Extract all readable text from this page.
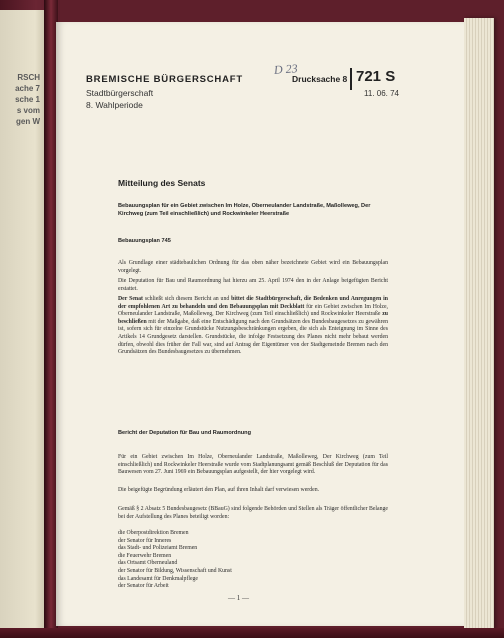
RSCH
ache 7
sche 1
s vom
gen W
BREMISCHE BÜRGERSCHAFT
Stadtbürgerschaft
8. Wahlperiode
D 23
Drucksache 8 721 S
11. 06. 74
Mitteilung des Senats
Bebauungsplan für ein Gebiet zwischen Im Holze, Oberneulander Landstraße, Maßolleweg, Der Kirchweg (zum Teil einschließlich) und Rockwinkeler Heerstraße
Bebauungsplan 745

Als Grundlage einer städtebaulichen Ordnung für das oben näher bezeichnete Gebiet wird ein Bebauungsplan vorgelegt.

Die Deputation für Bau und Raumordnung hat hierzu am 25. April 1974 den in der Anlage beigefügten Bericht erstattet.

Der Senat schließt sich diesem Bericht an und bittet die Stadtbürgerschaft, die Bedenken und Anregungen in der empfohlenen Art zu behandeln und den Bebauungsplan mit Deckblatt für ein Gebiet zwischen Im Holze, Oberneulander Landstraße, Maßolleweg, Der Kirchweg (zum Teil einschließlich) und Rockwinkeler Heerstraße zu beschließen mit der Maßgabe, daß eine Entschädigung nach den Grundsätzen des Bundesbaugesetzes zu gewähren ist, sofern sich für einzelne Grundstücke Nutzungsbeschränkungen ergeben, die sich als Enteignung im Sinne des Artikels 14 Grundgesetz darstellen. Grundstücke, die infolge Festsetzung des Planes nicht mehr bebaut werden dürfen, obwohl dies früher der Fall war, sind auf Antrag der Eigentümer von der Stadtgemeinde Bremen nach den Grundsätzen des Bundesbaugesetzes zu übernehmen.

Bericht der Deputation für Bau und Raumordnung

Für ein Gebiet zwischen Im Holze, Oberneulander Landstraße, Maßolleweg, Der Kirchweg (zum Teil einschließlich) und Rockwinkeler Heerstraße wurde vom Stadtplanungsamt gemäß Beschluß der Deputation für das Bauwesen vom 27. Juni 1969 ein Bebauungsplan aufgestellt, der hier vorgelegt wird.

Die beigefügte Begründung erläutert den Plan, auf ihren Inhalt darf verwiesen werden.

Gemäß § 2 Absatz 5 Bundesbaugesetz (BBauG) sind folgende Behörden und Stellen als Träger öffentlicher Belange bei der Aufstellung des Planes beteiligt worden:

die Oberpostdirektion Bremen
der Senator für Inneres
das Stadt- und Polizeiamt Bremen
die Feuerwehr Bremen
das Ortsamt Oberneuland
der Senator für Bildung, Wissenschaft und Kunst
das Landesamt für Denkmalpflege
der Senator für Arbeit
— 1 —
